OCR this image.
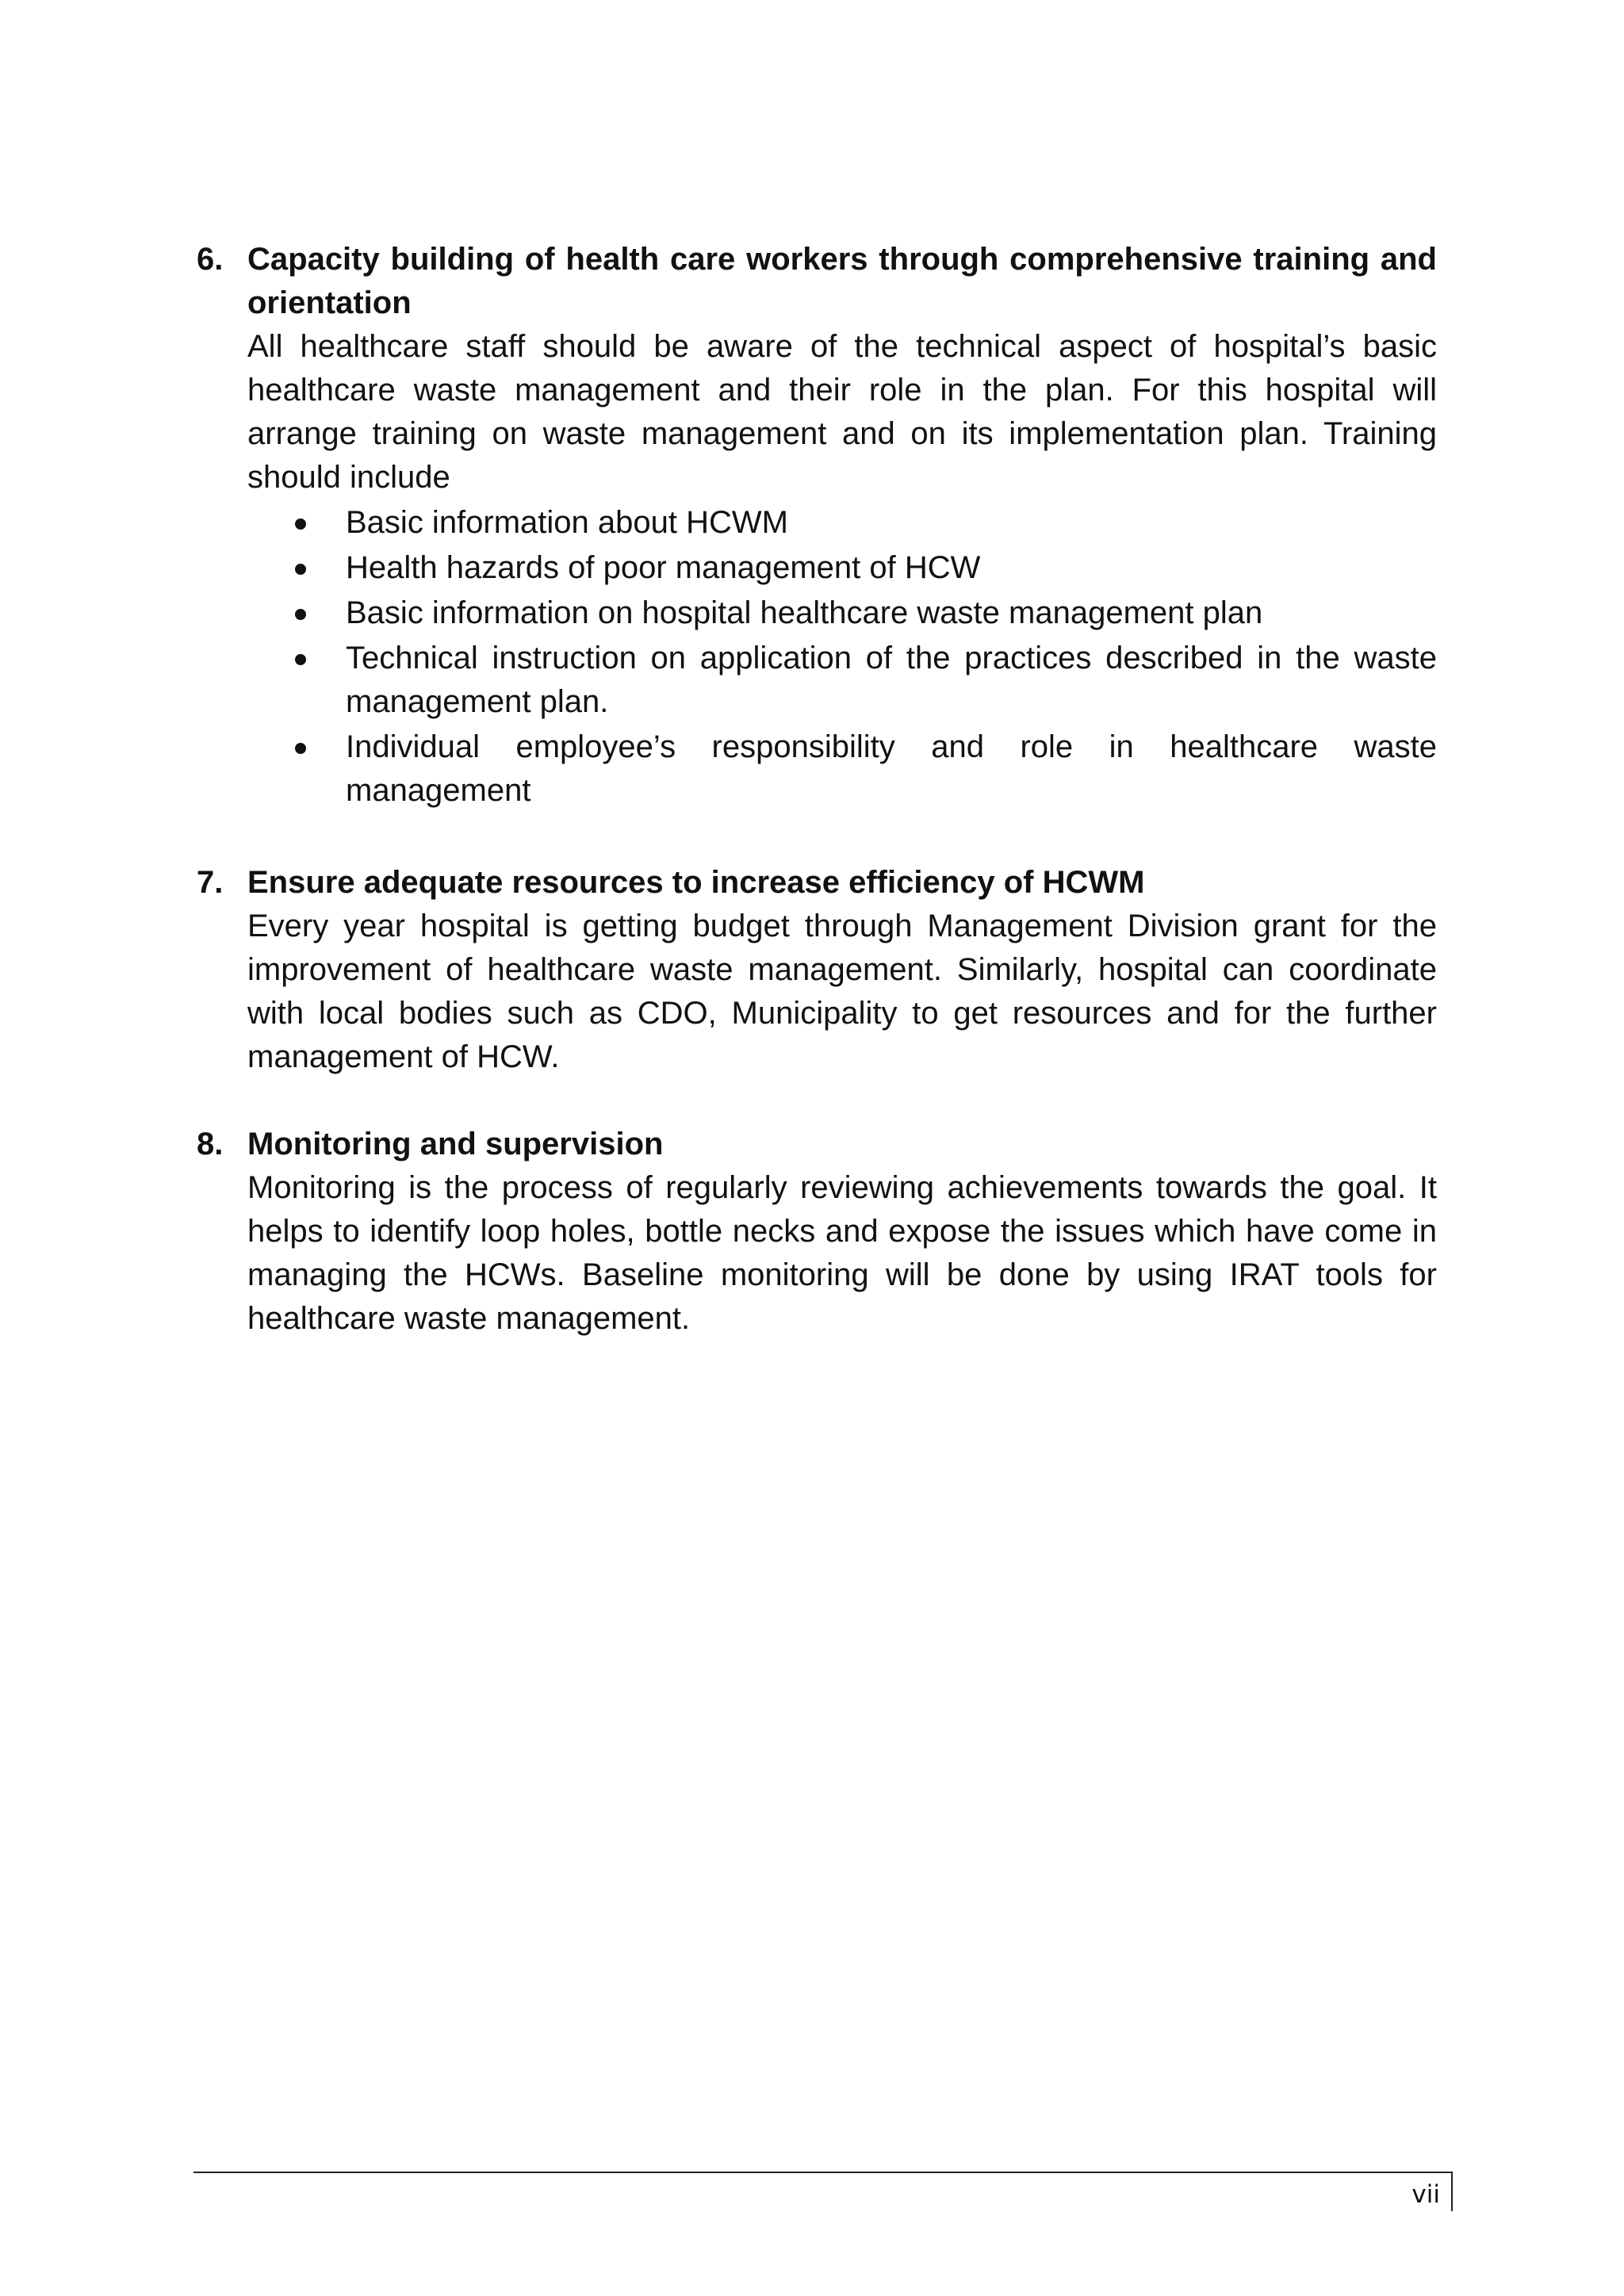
6. Capacity building of health care workers through comprehensive training and orientation

All healthcare staff should be aware of the technical aspect of hospital’s basic healthcare waste management and their role in the plan. For this hospital will arrange training on waste management and on its implementation plan. Training should include

Basic information about HCWM
Health hazards of poor management of HCW
Basic information on hospital healthcare waste management plan
Technical instruction on application of the practices described in the waste management plan.
Individual employee’s responsibility and role in healthcare waste management
7. Ensure adequate resources to increase efficiency of HCWM

Every year hospital is getting budget through Management Division grant for the improvement of healthcare waste management. Similarly, hospital can coordinate with local bodies such as CDO, Municipality to get resources and for the further management of HCW.

8. Monitoring and supervision

Monitoring is the process of regularly reviewing achievements towards the goal. It helps to identify loop holes, bottle necks and expose the issues which have come in managing the HCWs. Baseline monitoring will be done by using IRAT tools for healthcare waste management.

vii
